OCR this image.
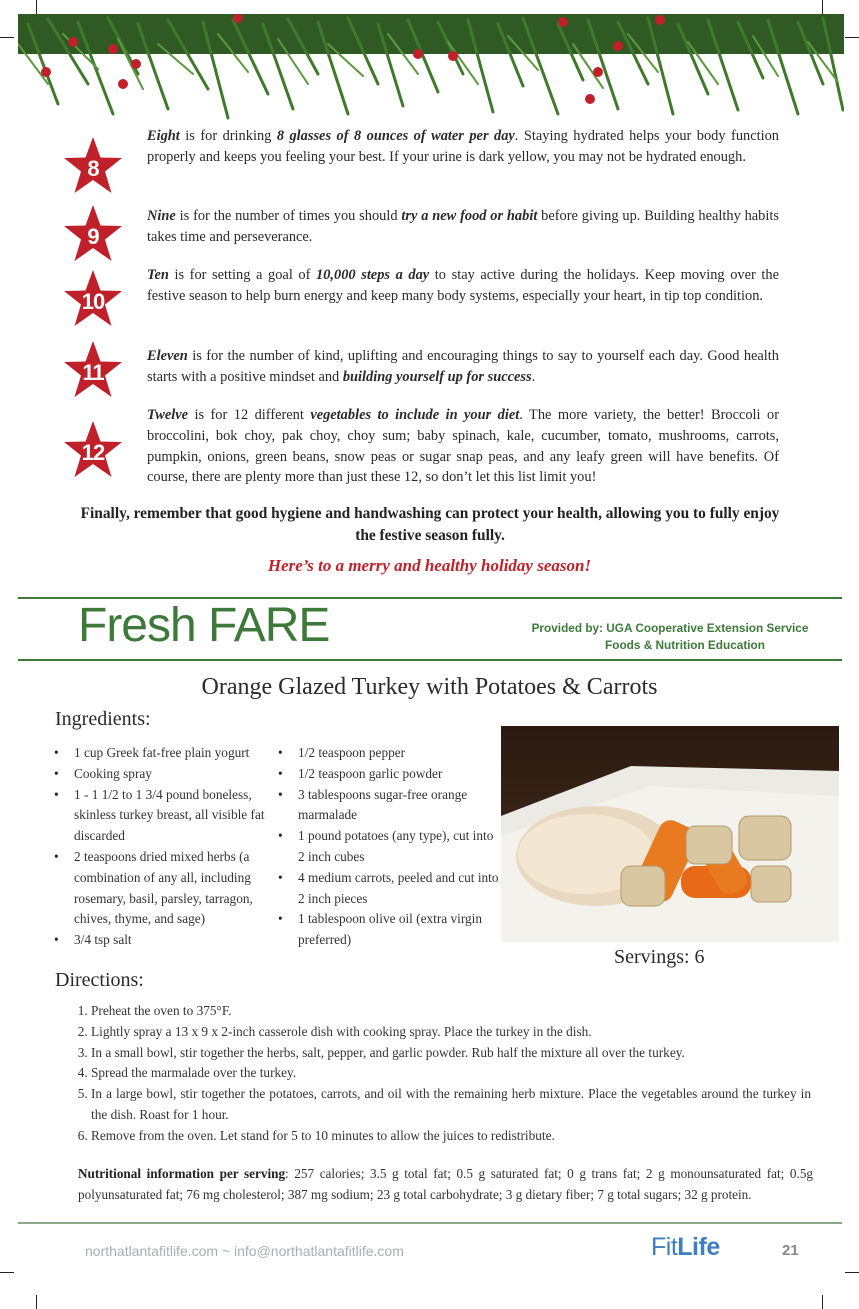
8
Eight is for drinking 8 glasses of 8 ounces of water per day. Staying hydrated helps your body function properly and keeps you feeling your best. If your urine is dark yellow, you may not be hydrated enough.
9
Nine is for the number of times you should try a new food or habit before giving up. Building healthy habits takes time and perseverance.
10
Ten is for setting a goal of 10,000 steps a day to stay active during the holidays. Keep moving over the festive season to help burn energy and keep many body systems, especially your heart, in tip top condition.
11
Eleven is for the number of kind, uplifting and encouraging things to say to yourself each day. Good health starts with a positive mindset and building yourself up for success.
12
Twelve is for 12 different vegetables to include in your diet. The more variety, the better! Broccoli or broccolini, bok choy, pak choy, choy sum; baby spinach, kale, cucumber, tomato, mushrooms, carrots, pumpkin, onions, green beans, snow peas or sugar snap peas, and any leafy green will have benefits. Of course, there are plenty more than just these 12, so don’t let this list limit you!
Finally, remember that good hygiene and handwashing can protect your health, allowing you to fully enjoy the festive season fully.
Here’s to a merry and healthy holiday season!
Fresh FARE	Provided by: UGA Cooperative Extension Service
Foods & Nutrition Education
Orange Glazed Turkey with Potatoes & Carrots
Ingredients:
• 1 cup Greek fat-free plain yogurt
• Cooking spray
• 1 - 1 1/2 to 1 3/4 pound boneless, skinless turkey breast, all visible fat discarded
• 2 teaspoons dried mixed herbs (a combination of any all, including rosemary, basil, parsley, tarragon, chives, thyme, and sage)
• 3/4 tsp salt
• 1/2 teaspoon pepper
• 1/2 teaspoon garlic powder
• 3 tablespoons sugar-free orange marmalade
• 1 pound potatoes (any type), cut into 2 inch cubes
• 4 medium carrots, peeled and cut into 2 inch pieces
• 1 tablespoon olive oil (extra virgin preferred)
Servings: 6
Directions:
1. Preheat the oven to 375°F.
2. Lightly spray a 13 x 9 x 2-inch casserole dish with cooking spray. Place the turkey in the dish.
3. In a small bowl, stir together the herbs, salt, pepper, and garlic powder. Rub half the mixture all over the turkey.
4. Spread the marmalade over the turkey.
5. In a large bowl, stir together the potatoes, carrots, and oil with the remaining herb mixture. Place the vegetables around the turkey in the dish. Roast for 1 hour.
6. Remove from the oven. Let stand for 5 to 10 minutes to allow the juices to redistribute.
Nutritional information per serving: 257 calories; 3.5 g total fat; 0.5 g saturated fat; 0 g trans fat; 2 g monounsaturated fat; 0.5g polyunsaturated fat; 76 mg cholesterol; 387 mg sodium; 23 g total carbohydrate; 3 g dietary fiber; 7 g total sugars; 32 g protein.
northatlantafitlife.com ~ info@northatlantafitlife.com	FitLife	21
